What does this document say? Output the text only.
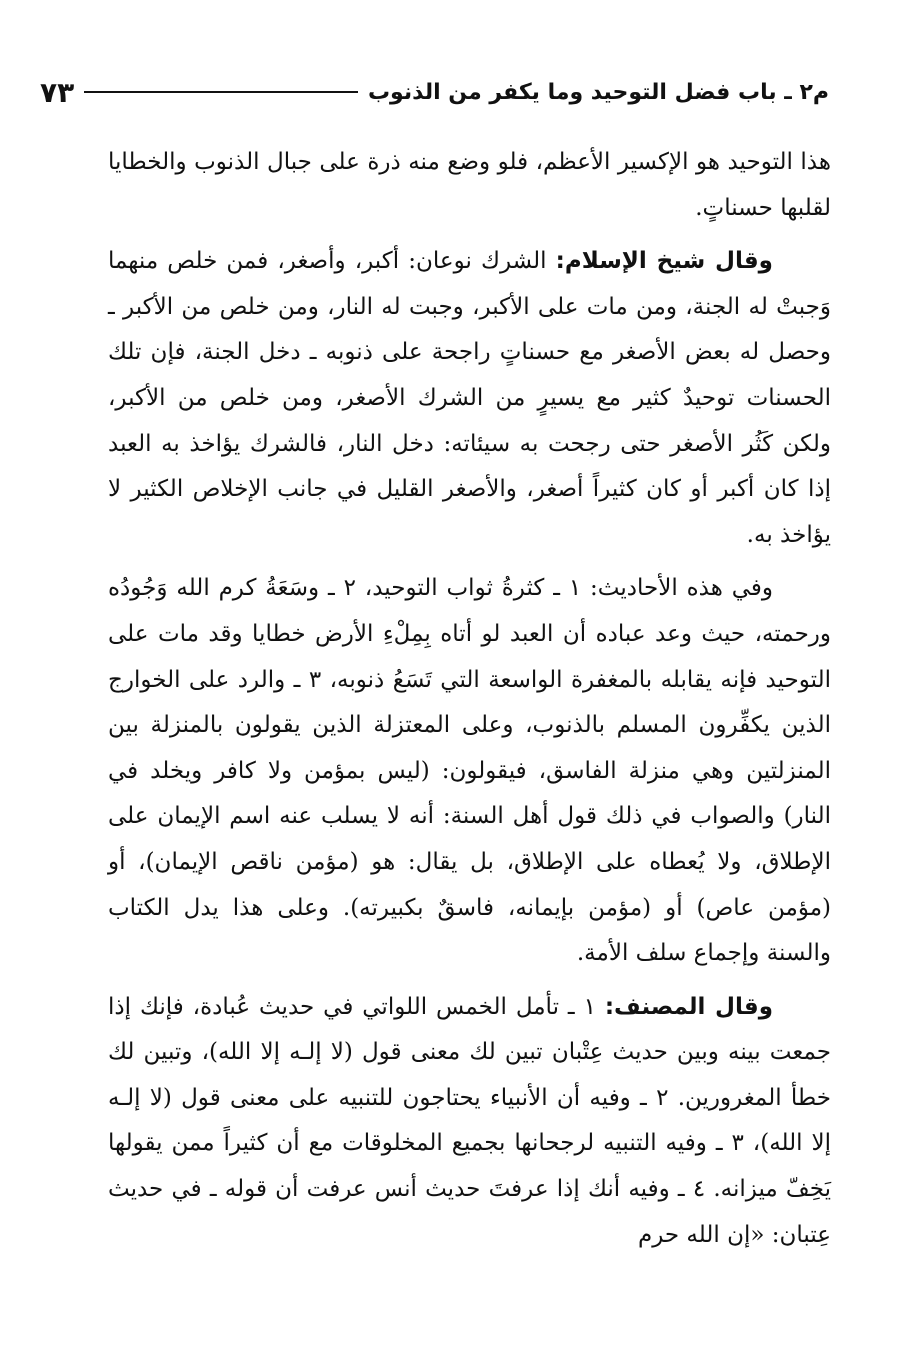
م٢ ـ باب فضل التوحيد وما يكفر من الذنوب
٧٣

هذا التوحيد هو الإكسير الأعظم، فلو وضع منه ذرة على جبال الذنوب والخطايا لقلبها حسناتٍ.

وقال شيخ الإسلام: الشرك نوعان: أكبر، وأصغر، فمن خلص منهما وَجبتْ له الجنة، ومن مات على الأكبر، وجبت له النار، ومن خلص من الأكبر ـ وحصل له بعض الأصغر مع حسناتٍ راجحة على ذنوبه ـ دخل الجنة، فإن تلك الحسنات توحيدٌ كثير مع يسيرٍ من الشرك الأصغر، ومن خلص من الأكبر، ولكن كَثُر الأصغر حتى رجحت به سيئاته: دخل النار، فالشرك يؤاخذ به العبد إذا كان أكبر أو كان كثيراً أصغر، والأصغر القليل في جانب الإخلاص الكثير لا يؤاخذ به.

وفي هذه الأحاديث: ١ ـ كثرةُ ثواب التوحيد، ٢ ـ وسَعَةُ كرم الله وَجُودُه ورحمته، حيث وعد عباده أن العبد لو أتاه بِمِلْءِ الأرض خطايا وقد مات على التوحيد فإنه يقابله بالمغفرة الواسعة التي تَسَعُ ذنوبه، ٣ ـ والرد على الخوارج الذين يكفِّرون المسلم بالذنوب، وعلى المعتزلة الذين يقولون بالمنزلة بين المنزلتين وهي منزلة الفاسق، فيقولون: (ليس بمؤمن ولا كافر ويخلد في النار) والصواب في ذلك قول أهل السنة: أنه لا يسلب عنه اسم الإيمان على الإطلاق، ولا يُعطاه على الإطلاق، بل يقال: هو (مؤمن ناقص الإيمان)، أو (مؤمن عاص) أو (مؤمن بإيمانه، فاسقٌ بكبيرته). وعلى هذا يدل الكتاب والسنة وإجماع سلف الأمة.

وقال المصنف: ١ ـ تأمل الخمس اللواتي في حديث عُبادة، فإنك إذا جمعت بينه وبين حديث عِتْبان تبين لك معنى قول (لا إلـه إلا الله)، وتبين لك خطأ المغرورين. ٢ ـ وفيه أن الأنبياء يحتاجون للتنبيه على معنى قول (لا إلـه إلا الله)، ٣ ـ وفيه التنبيه لرجحانها بجميع المخلوقات مع أن كثيراً ممن يقولها يَخِفّ ميزانه. ٤ ـ وفيه أنك إذا عرفتَ حديث أنس عرفت أن قوله ـ في حديث عِتبان: «إن الله حرم
